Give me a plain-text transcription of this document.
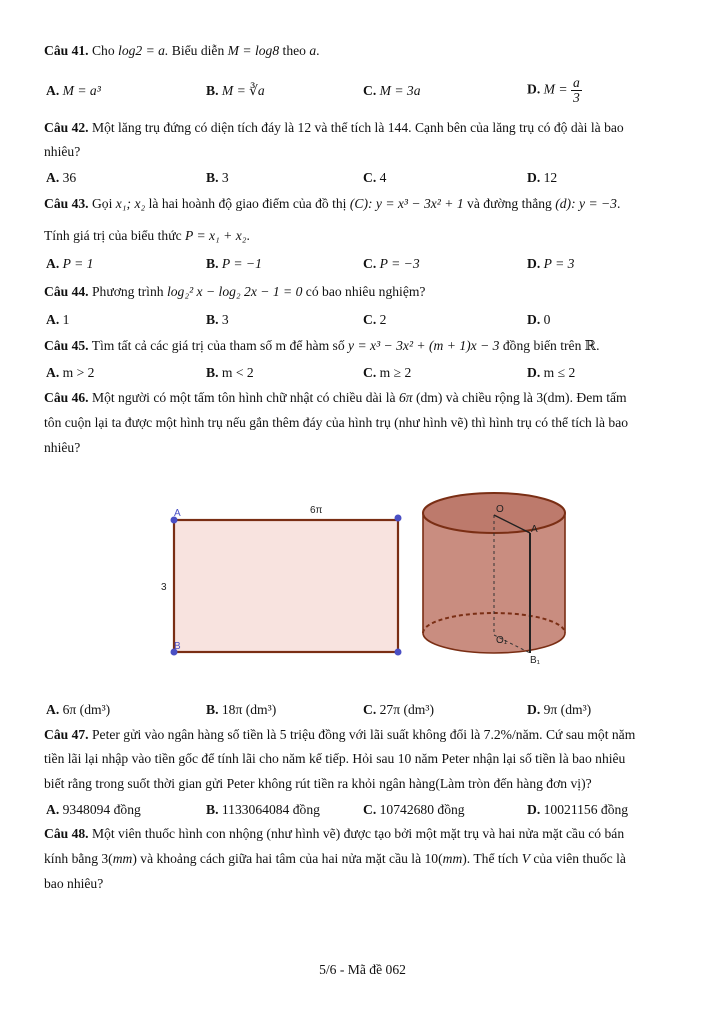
Câu 41. Cho log2 = a. Biểu diễn M = log8 theo a.
A. M = a³	B. M = ∛a	C. M = 3a	D. $M = \frac{a}{3}$
Câu 42. Một lăng trụ đứng có diện tích đáy là 12 và thể tích là 144. Cạnh bên của lăng trụ có độ dài là bao
nhiêu?
A. 36	B. 3	C. 4	D. 12
Câu 43. Gọi x₁; x₂ là hai hoành độ giao điểm của đồ thị (C): y = x³ − 3x² + 1 và đường thẳng (d): y = −3.
Tính giá trị của biểu thức P = x₁ + x₂.
A. P = 1	B. P = −1	C. P = −3	D. P = 3
Câu 44. Phương trình log₂² x − log₂ 2x − 1 = 0 có bao nhiêu nghiệm?
A. 1	B. 3	C. 2	D. 0
Câu 45. Tìm tất cả các giá trị của tham số m để hàm số y = x³ − 3x² + (m + 1)x − 3 đồng biến trên ℝ.
A. m > 2	B. m < 2	C. m ≥ 2	D. m ≤ 2
Câu 46. Một người có một tấm tôn hình chữ nhật có chiều dài là 6π (dm) và chiều rộng là 3(dm). Đem tấm
tôn cuộn lại ta được một hình trụ nếu gắn thêm đáy của hình trụ (như hình vẽ) thì hình trụ có thể tích là bao
nhiêu?
A
B
6π
3
O
A
O₁
B₁
A. 6π (dm³)	B. 18π (dm³)	C. 27π (dm³)	D. 9π (dm³)
Câu 47. Peter gửi vào ngân hàng số tiền là 5 triệu đồng với lãi suất không đổi là 7.2%/năm. Cứ sau một năm
tiền lãi lại nhập vào tiền gốc để tính lãi cho năm kế tiếp. Hỏi sau 10 năm Peter nhận lại số tiền là bao nhiêu
biết rằng trong suốt thời gian gửi Peter không rút tiền ra khỏi ngân hàng(Làm tròn đến hàng đơn vị)?
A. 9348094 đồng	B. 1133064084 đồng	C. 10742680 đồng	D. 10021156 đồng
Câu 48. Một viên thuốc hình con nhộng (như hình vẽ) được tạo bởi một mặt trụ và hai nửa mặt cầu có bán
kính bằng 3(mm) và khoảng cách giữa hai tâm của hai nửa mặt cầu là 10(mm). Thể tích V của viên thuốc là
bao nhiêu?
5/6 - Mã đề 062
